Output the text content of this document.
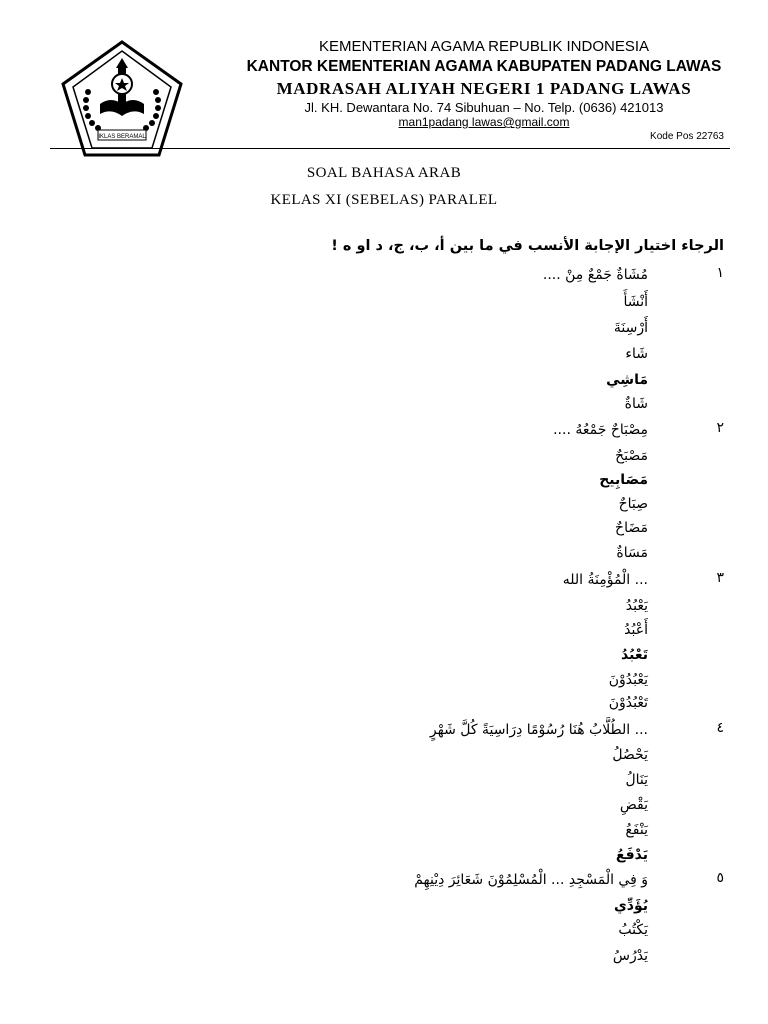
IKLAS BERAMAL
KEMENTERIAN AGAMA REPUBLIK INDONESIA
KANTOR KEMENTERIAN AGAMA KABUPATEN PADANG LAWAS
MADRASAH ALIYAH NEGERI 1 PADANG LAWAS
Jl. KH. Dewantara No. 74 Sibuhuan – No. Telp. (0636) 421013
man1padang lawas@gmail.com
Kode Pos 22763
SOAL BAHASA ARAB
KELAS XI (SEBELAS) PARALEL
الرجاء اختيار الإجابة الأنسب في ما بين أ، ب، ج، د او ه !
١
مُشَاةٌ جَمْعٌ مِنْ ....
أَنْشَأَ
أَرْسِنَةَ
شَاء
مَاشِي
شَاةٌ
٢
مِصْبَاحٌ جَمْعُهُ ....
مَصْبَحٌ
مَصَابِيح
صِبَاحٌ
مَضَاحٌ
مَسَاةٌ
٣
... الْمُؤْمِنَةُ الله
يَعْبُدُ
أَعْبُدُ
تَعْبُدُ
يَعْبُدُوْنَ
تَعْبُدُوْنَ
٤
... الطُلَّابُ هُنَا رُسُوْمًا دِرَاسِيَةً كُلَّ شَهْرٍ
يَحْصُلُ
يَنَالُ
يَقْضِ
يَنْفَعُ
يَدْفَعُ
٥
وَ فِي الْمَسْجِدِ ... الْمُسْلِمُوْنَ شَعَائِرَ دِيْنِهِمْ
يُؤَدِّي
يَكْتُبُ
يَدْرُسُ
